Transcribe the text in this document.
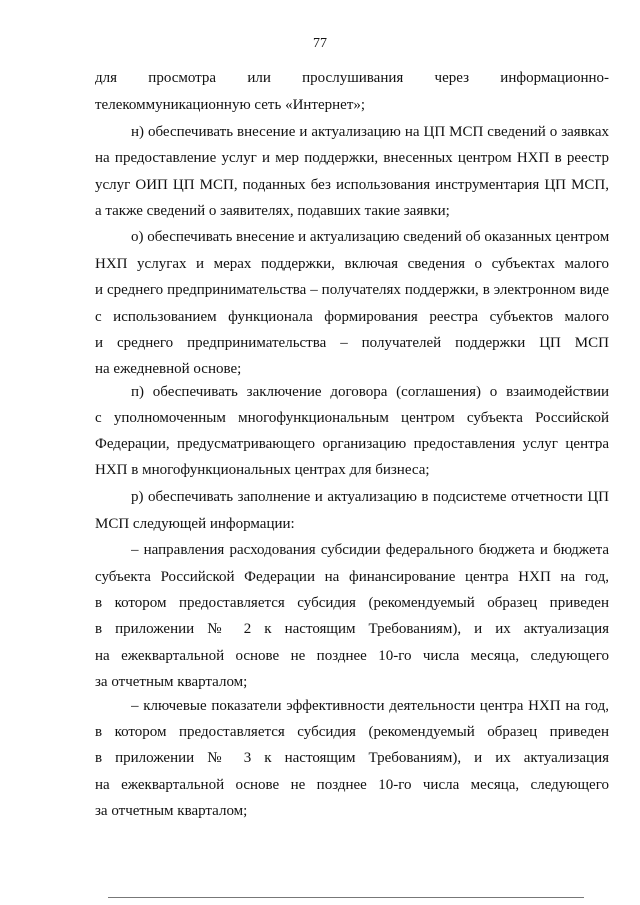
77
для просмотра или прослушивания через информационно-
телекоммуникационную сеть «Интернет»;
н) обеспечивать внесение и актуализацию на ЦП МСП сведений о заявках
на предоставление услуг и мер поддержки, внесенных центром НХП в реестр
услуг ОИП ЦП МСП, поданных без использования инструментария ЦП МСП,
а также сведений о заявителях, подавших такие заявки;
о) обеспечивать внесение и актуализацию сведений об оказанных центром
НХП услугах и мерах поддержки, включая сведения о субъектах малого
и среднего предпринимательства – получателях поддержки, в электронном виде
с использованием функционала формирования реестра субъектов малого
и среднего предпринимательства – получателей поддержки ЦП МСП
на ежедневной основе;
п) обеспечивать заключение договора (соглашения) о взаимодействии
с уполномоченным многофункциональным центром субъекта Российской
Федерации, предусматривающего организацию предоставления услуг центра
НХП в многофункциональных центрах для бизнеса;
р) обеспечивать заполнение и актуализацию в подсистеме отчетности ЦП
МСП следующей информации:
– направления расходования субсидии федерального бюджета и бюджета
субъекта Российской Федерации на финансирование центра НХП на год,
в котором предоставляется субсидия (рекомендуемый образец приведен
в приложении № 2 к настоящим Требованиям), и их актуализация
на ежеквартальной основе не позднее 10-го числа месяца, следующего
за отчетным кварталом;
– ключевые показатели эффективности деятельности центра НХП на год,
в котором предоставляется субсидия (рекомендуемый образец приведен
в приложении № 3 к настоящим Требованиям), и их актуализация
на ежеквартальной основе не позднее 10-го числа месяца, следующего
за отчетным кварталом;
